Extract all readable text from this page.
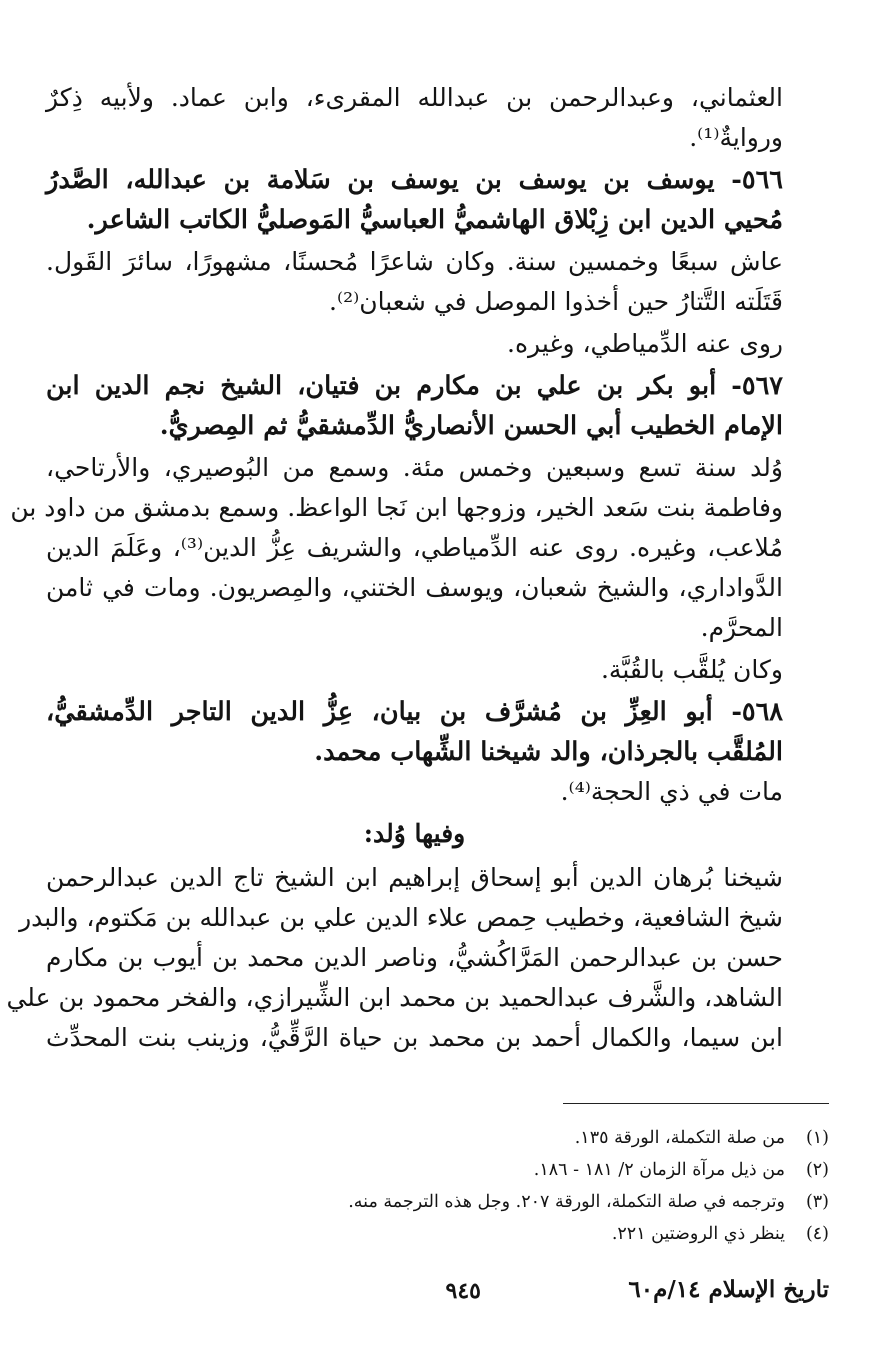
العثماني، وعبدالرحمن بن عبدالله المقرىء، وابن عماد. ولأبيه ذِكرٌ
وروايةٌ⁽¹⁾.
٥٦٦- يوسف بن يوسف بن يوسف بن سَلامة بن عبدالله، الصَّدرُ
مُحيي الدين ابن زِبْلاق الهاشميُّ العباسيُّ المَوصليُّ الكاتب الشاعر.
عاش سبعًا وخمسين سنة. وكان شاعرًا مُحسنًا، مشهورًا، سائرَ القَول.
قَتَلَته التَّتارُ حين أخذوا الموصل في شعبان⁽²⁾.
روى عنه الدِّمياطي، وغيره.
٥٦٧- أبو بكر بن علي بن مكارم بن فتيان، الشيخ نجم الدين ابن
الإمام الخطيب أبي الحسن الأنصاريُّ الدِّمشقيُّ ثم المِصريُّ.
وُلد سنة تسع وسبعين وخمس مئة. وسمع من البُوصيري، والأرتاحي،
وفاطمة بنت سَعد الخير، وزوجها ابن نَجا الواعظ. وسمع بدمشق من داود بن
مُلاعب، وغيره. روى عنه الدِّمياطي، والشريف عِزُّ الدين⁽³⁾، وعَلَمَ الدين
الدَّواداري، والشيخ شعبان، ويوسف الختني، والمِصريون. ومات في ثامن
المحرَّم.
وكان يُلقَّب بالقُبَّة.
٥٦٨- أبو العِزِّ بن مُشرَّف بن بيان، عِزُّ الدين التاجر الدِّمشقيُّ،
المُلقَّب بالجرذان، والد شيخنا الشِّهاب محمد.
مات في ذي الحجة⁽⁴⁾.
وفيها وُلد:
شيخنا بُرهان الدين أبو إسحاق إبراهيم ابن الشيخ تاج الدين عبدالرحمن
شيخ الشافعية، وخطيب حِمص علاء الدين علي بن عبدالله بن مَكتوم، والبدر
حسن بن عبدالرحمن المَرَّاكُشيُّ، وناصر الدين محمد بن أيوب بن مكارم
الشاهد، والشَّرف عبدالحميد بن محمد ابن الشِّيرازي، والفخر محمود بن علي
ابن سيما، والكمال أحمد بن محمد بن حياة الرَّقِّيُّ، وزينب بنت المحدِّث
(١)
من صلة التكملة، الورقة ١٣٥.
(٢)
من ذيل مرآة الزمان ٢/ ١٨١ - ١٨٦.
(٣)
وترجمه في صلة التكملة، الورقة ٢٠٧. وجل هذه الترجمة منه.
(٤)
ينظر ذي الروضتين ٢٢١.
تاريخ الإسلام ١٤/م٦٠
٩٤٥
